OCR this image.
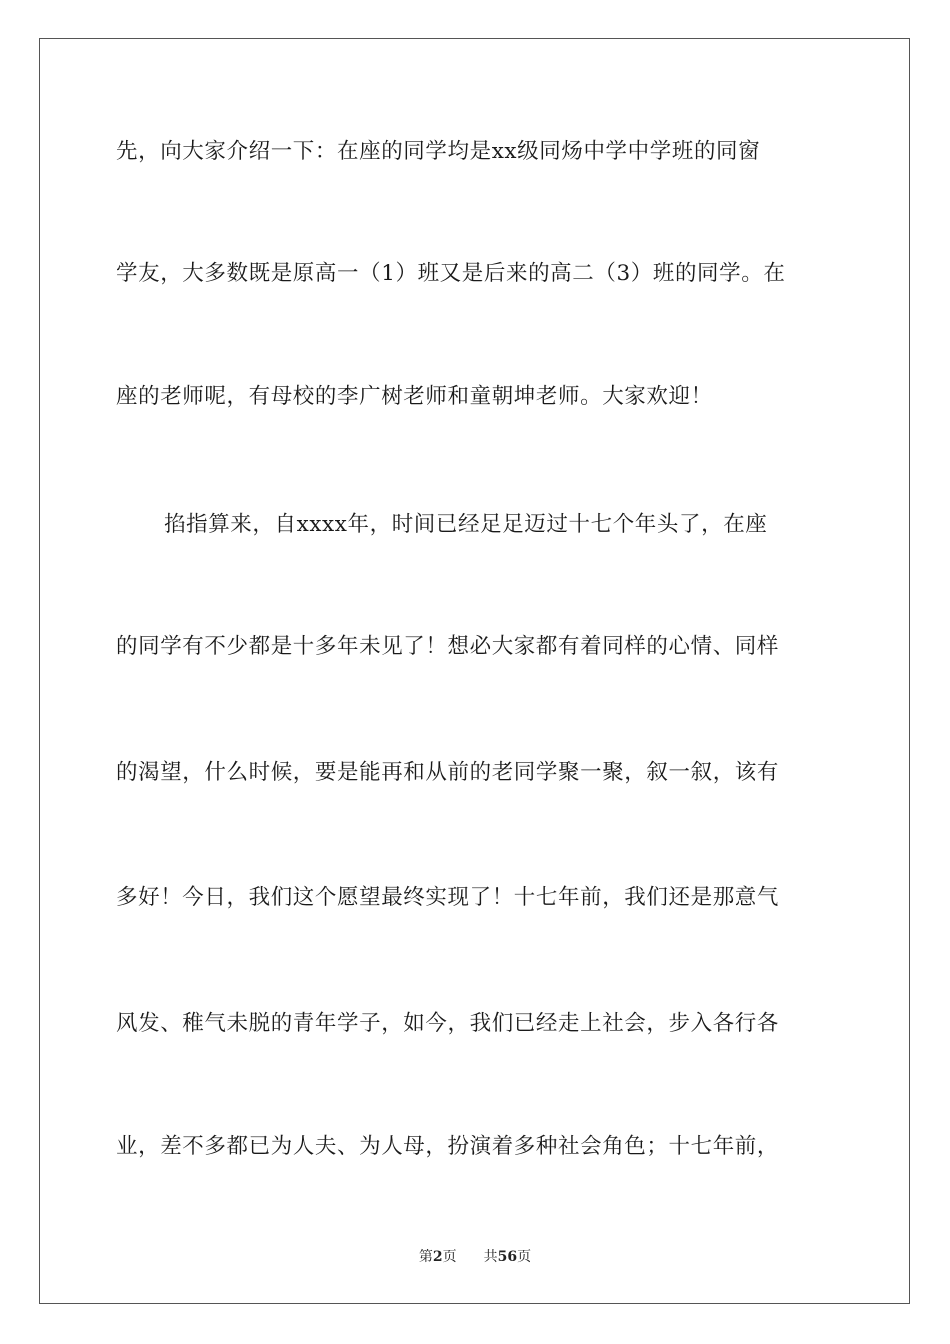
先，向大家介绍一下：在座的同学均是xx级同炀中学中学班的同窗
学友，大多数既是原高一（1）班又是后来的高二（3）班的同学。在
座的老师呢，有母校的李广树老师和童朝坤老师。大家欢迎！
掐指算来，自xxxx年，时间已经足足迈过十七个年头了，在座
的同学有不少都是十多年未见了！想必大家都有着同样的心情、同样
的渴望，什么时候，要是能再和从前的老同学聚一聚，叙一叙，该有
多好！今日，我们这个愿望最终实现了！十七年前，我们还是那意气
风发、稚气未脱的青年学子，如今，我们已经走上社会，步入各行各
业，差不多都已为人夫、为人母，扮演着多种社会角色；十七年前，
第2页 共56页
